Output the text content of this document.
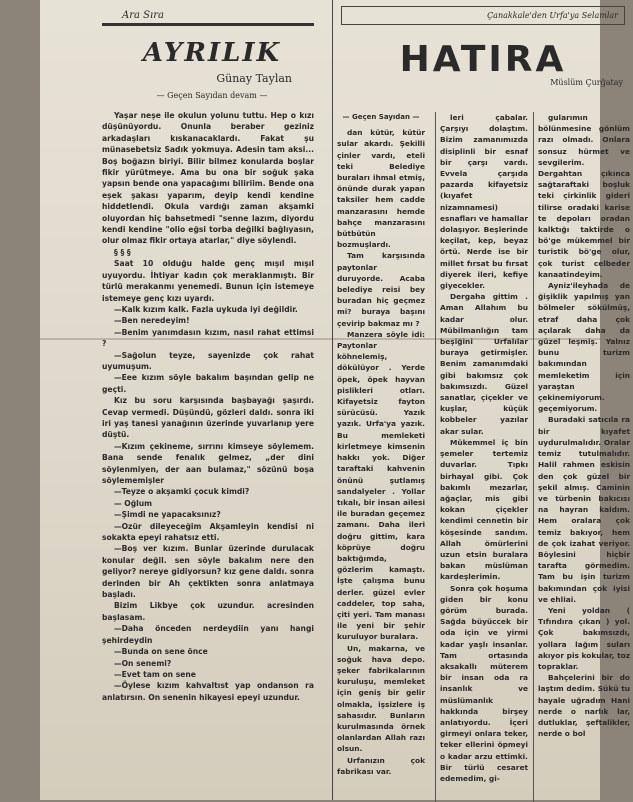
Ara Sıra
AYRILIK
Günay Taylan
— Geçen Sayıdan devam —

Yaşar neşe ile okulun yolunu tuttu. Hep o kızı düşünüyordu. Onunla beraber geziniz arkadaşları kıskanacaklardı. Fakat şu münasebetsiz Sadık yokmuya. Adesin tam aksi... Boş boğazın biriyi. Bilir bilmez konularda boşlar fikir yürütmeye. Ama bu ona bir soğuk şaka yapsın bende ona yapacağımı biliriim. Bende ona eşek şakası yaparım, deyip kendi kendine hiddetlendi. Okula vardığı zaman akşamki oluyordan hiç bahsetmedi "senne lazım, diyordu kendi kendine "olio eğsi torba değilki bağlıyasın, olur olmaz fikir ortaya atarlar," diye söylendi.

§ § §

Saat 10 olduğu halde genç mışıl mışıl uyuyordu. İhtiyar kadın çok meraklanmıştı. Bir türlü merakanmı yenemedi. Bunun için istemeye istemeye genç kızı uyardı.

—Kalk kızım kalk. Fazla uykuda iyi değildir.

—Ben neredeyim!

—Benim yanımdasın kızım, nasıl rahat ettimsi ?

—Sağolun teyze, sayenizde çok rahat uyumuşum.

—Eee kızım söyle bakalım başından gelip ne geçti.

Kız bu soru karşısında başbayağı şaşırdı. Cevap vermedi. Düşündü, gözleri daldı. sonra iki iri yaş tanesi yanağının üzerinde yuvarlanıp yere düştü.

—Kızım çekineme, sırrını kimseye söylemem. Bana sende fenalık gelmez, „der dini söylenmiyen, der aan bulamaz," sözünü boşa söylememişler

—Teyze o akşamki çocuk kimdi?

— Oğlum

—Şimdi ne yapacaksınız?

—Ozür dileyeceğim Akşamleyin kendisi ni sokakta epeyi rahatsız etti.

—Boş ver kızım. Bunlar üzerinde durulacak konular değil. sen söyle bakalım nere den geliyor? nereye gidiyorsun? kız gene daldı. sonra derinden bir Ah çektikten sonra anlatmaya başladı.

Bizim Likbye çok uzundur. acresinden başlasam.

—Daha önceden nerdeydiin yanı hangi şehirdeydin

—Bunda on sene önce

—On senemi?

—Evet tam on sene

—Öylese kızım kahvaltıst yap ondanson ra anlatırsın. On senenin hikayesi epeyi uzundur.

Çanakkale'den Urfa'ya Selamlar
HATIRA
Müslüm Çurğatay
— Geçen Sayıdan —

dan kütür, kütür sular akardı. Şekilli çinler vardı, eteli teki Belediye buraları ihmal etmiş, önünde durak yapan taksiler hem cadde manzarasını hemde bahçe manzarasını bütbütün bozmuşlardı.

Tam karşısında paytonlar duruyorde. Acaba belediye reisi bey buradan hiç geçmez mi? buraya başını çevirip bakmaz mı ?

Manzera söyle idi: Paytonlar köhnelemiş, dökülüyor . Yerde öpek, öpek hayvan pislikleri otları. Kifayetsiz fayton sürücüsü. Yazık yazık. Urfa'ya yazık. Bu memleketi kirletmeye kimsenin hakkı yok. Diğer taraftaki kahvenin önünü şutlamış sandalyeler . Yollar tıkalı, bir insan ailesi ile buradan geçemez zamanı. Daha ileri doğru gittim, kara köprüye doğru baktığımda, gözlerim kamaştı. İşte çalışma bunu derler. güzel evler caddeler, top saha, çiti yeri. Tam manası ile yeni bir şehir kuruluyor buralara.

Un, makarna, ve soğuk hava depo. şeker fabrikalarının kuruluşu, memleket için geniş bir gelir olmakla, işsizlere iş sahasıdır. Bunların kurulmasında örnek olanlardan Allah razı olsun.

Urfanızın çok fabrikası var.

leri çabalar. Çarşıyı dolaştım. Bizim zamanımızda disiplinli bir esnaf bir çarşı vardı. Evvela çarşıda pazarda kifayetsiz (kıyafet nizamnamesi) esnafları ve hamallar dolaşıyor. Beşlerinde keçilat, kep, beyaz örtü. Nerde ise bir millet fırsat bu fırsat diyerek ileri, kefiye giyecekler.

Dergaha gittim . Aman Allahım bu kadar olur. Mübilmanlığın tam beşiğini Urfalılar buraya getirmişler. Benim zamanımdaki gibi bakımsız çok bakımsızdı. Güzel sanatlar, çiçekler ve kuşlar, küçük kobbeler yazılar akar sular.

Mükemmel iç bin şemeler tertemiz duvarlar. Tıpkı birhayal gibi. Çok bakımlı mezarlar, ağaçlar, mis gibi kokan çiçekler kendimi cennetin bir köşesinde sandım. Allah ömürlerini uzun etsin buralara bakan müslüman kardeşlerimin.

Sonra çok hoşuma giden bir konu görüm burada. Sağda büyüccek bir oda için ve yirmi kadar yaşlı insanlar. Tam ortasında aksakallı müterem bir insan oda ra insanlık ve müslümanlık hakkında birşey anlatıyordu. İçeri girmeyi onlara teker, teker ellerini öpmeyi o kadar arzu ettimki. Bir türlü cesaret edemedim, gi-

gularımın bölünmesine gönlüm razı olmadı. Onlara sonsuz hürmet ve sevgilerim. Dergahtan çıkınca sağtaraftaki boşluk teki çirkinlik gideri tilirse oradaki karise te depoları oradan kalktığı taktirde o bö'ge mükemmel bir turistik bö'ge olur, çok turist celbeder kanaatindeyim.

Ayniz'ileyhada de ğişiklik yapılmış yan bölmeler sökülmüş, etraf daha çok açılarak daha da güzel leşmiş. Yalnız bunu turizm bakımından memleketim için yaraştan çekinemiyorum. geçemiyorum.

Buradaki satıcıla ra bir kıyafet uydurulmalıdır. Oralar temiz tutulmalıdır. Halil rahmen eskisin den çok güzel bir şekil almış. Caminin ve türbenin bakıcısı na hayran kaldım. Hem oralara çok temiz bakıyor, hem de çok izahat veriyor. Böylesini hiçbir tarafta görmedim. Tam bu işin turizm bakımından çok iyisi ve ehliai.

Yeni yoldan ( Tıfındıra çıkan ) yol. Çok bakımsızdı, yollara lağım suları akıyor pis kokular, toz topraklar.

Bahçelerini bir do laştım dedim. Sükü tu hayale uğradım Hani nerde o narlık lar, dutluklar, şeftalikler, nerde o bol
